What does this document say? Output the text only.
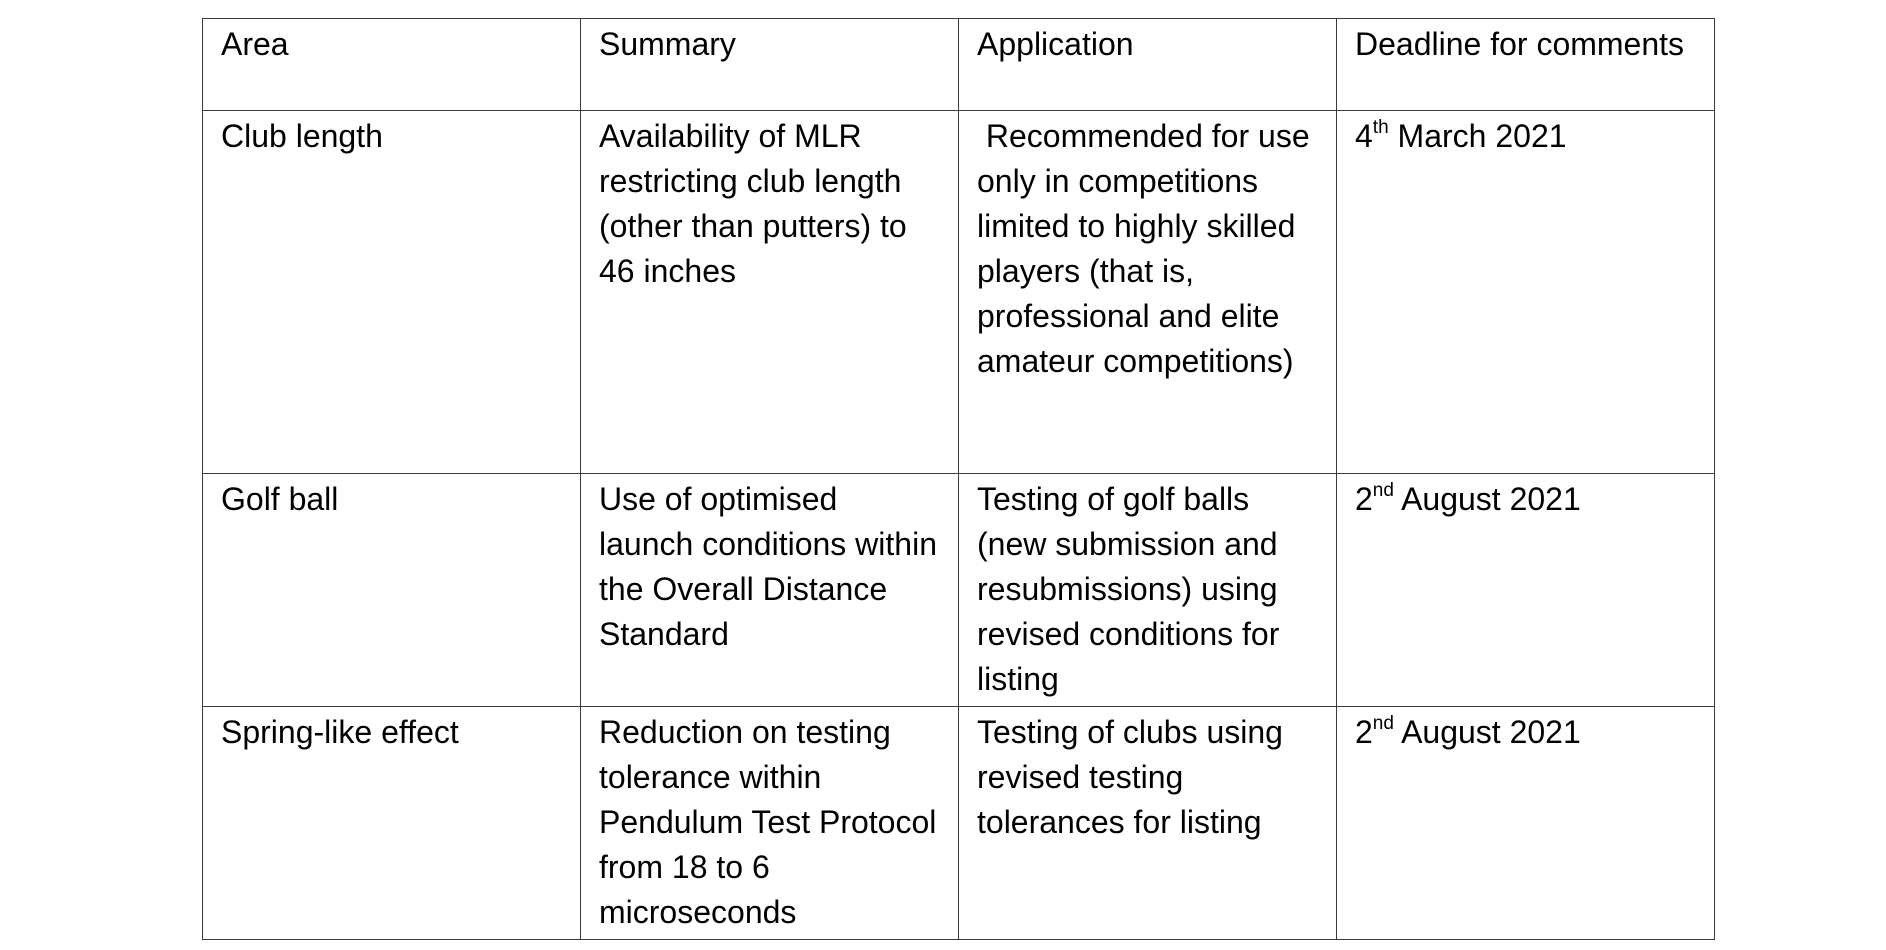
Area	Summary	Application	Deadline for comments
Club length	Availability of MLR restricting club length (other than putters) to 46 inches	Recommended for use only in competitions limited to highly skilled players (that is, professional and elite amateur competitions)	4th March 2021
Golf ball	Use of optimised launch conditions within the Overall Distance Standard	Testing of golf balls (new submission and resubmissions) using revised conditions for listing	2nd August 2021
Spring-like effect	Reduction on testing tolerance within Pendulum Test Protocol from 18 to 6 microseconds	Testing of clubs using revised testing tolerances for listing	2nd August 2021
